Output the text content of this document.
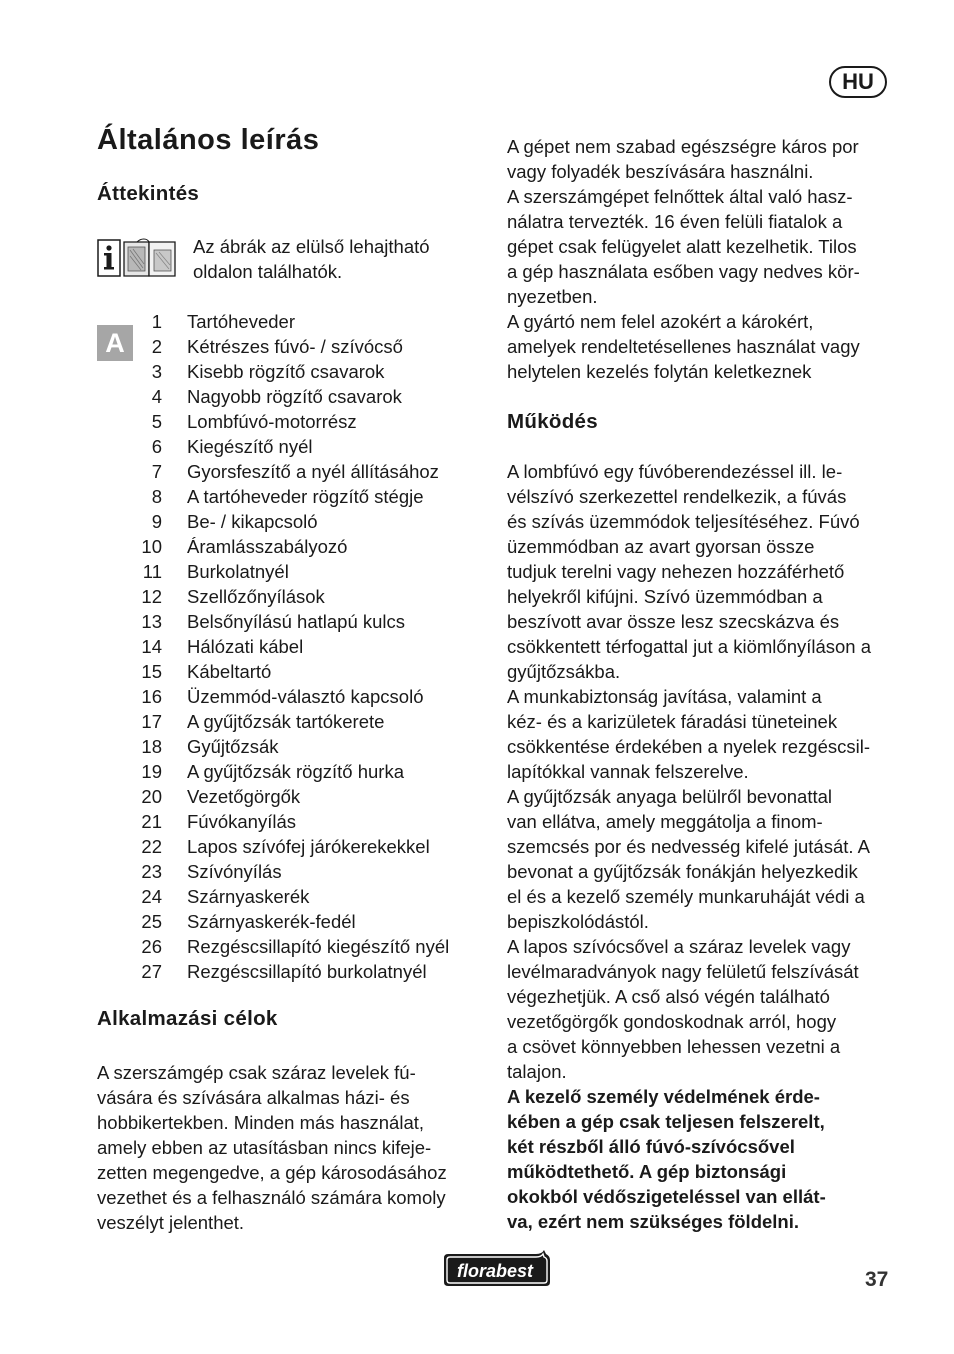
HU
Általános leírás
Áttekintés
Az ábrák az elülső lehajtható
oldalon találhatók.
A
1 Tartóheveder
2 Kétrészes fúvó- / szívócső
3 Kisebb rögzítő csavarok
4 Nagyobb rögzítő csavarok
5 Lombfúvó-motorrész
6 Kiegészítő nyél
7 Gyorsfeszítő a nyél állításához
8 A tartóheveder rögzítő stégje
9 Be- / kikapcsoló
10 Áramlásszabályozó
11 Burkolatnyél
12 Szellőzőnyílások
13 Belsőnyílású hatlapú kulcs
14 Hálózati kábel
15 Kábeltartó
16 Üzemmód-választó kapcsoló
17 A gyűjtőzsák tartókerete
18 Gyűjtőzsák
19 A gyűjtőzsák rögzítő hurka
20 Vezetőgörgők
21 Fúvókanyílás
22 Lapos szívófej járókerekekkel
23 Szívónyílás
24 Szárnyaskerék
25 Szárnyaskerék-fedél
26 Rezgéscsillapító kiegészítő nyél
27 Rezgéscsillapító burkolatnyél
Alkalmazási célok
A szerszámgép csak száraz levelek fú-
vására és szívására alkalmas házi- és
hobbikertekben. Minden más használat,
amely ebben az utasításban nincs kifeje-
zetten megengedve, a gép károsodásához
vezethet és a felhasználó számára komoly
veszélyt jelenthet.
A gépet nem szabad egészségre káros por
vagy folyadék beszívására használni.
A szerszámgépet felnőttek által való hasz-
nálatra tervezték. 16 éven felüli fiatalok a
gépet csak felügyelet alatt kezelhetik. Tilos
a gép használata esőben vagy nedves kör-
nyezetben.
A gyártó nem felel azokért a károkért,
amelyek rendeltetésellenes használat vagy
helytelen kezelés folytán keletkeznek
Működés
A lombfúvó egy fúvóberendezéssel ill. le-
vélszívó szerkezettel rendelkezik, a fúvás
és szívás üzemmódok teljesítéséhez. Fúvó
üzemmódban az avart gyorsan össze
tudjuk terelni vagy nehezen hozzáférhető
helyekről kifújni. Szívó üzemmódban a
beszívott avar össze lesz szecskázva és
csökkentett térfogattal jut a kiömlőnyíláson a
gyűjtőzsákba.
A munkabiztonság javítása, valamint a
kéz- és a karizületek fáradási tüneteinek
csökkentése érdekében a nyelek rezgéscsil-
lapítókkal vannak felszerelve.
A gyűjtőzsák anyaga belülről bevonattal
van ellátva, amely meggátolja a finom-
szemcsés por és nedvesség kifelé jutását. A
bevonat a gyűjtőzsák fonákján helyezkedik
el és a kezelő személy munkaruháját védi a
bepiszkolódástól.
A lapos szívócsővel a száraz levelek vagy
levélmaradványok nagy felületű felszívását
végezhetjük. A cső alsó végén található
vezetőgörgők gondoskodnak arról, hogy
a csövet könnyebben lehessen vezetni a
talajon.
A kezelő személy védelmének érde-
kében a gép csak teljesen felszerelt,
két részből álló fúvó-szívócsővel
működtethető. A gép biztonsági
okokból védőszigeteléssel van ellát-
va, ezért nem szükséges földelni.
florabest	37
